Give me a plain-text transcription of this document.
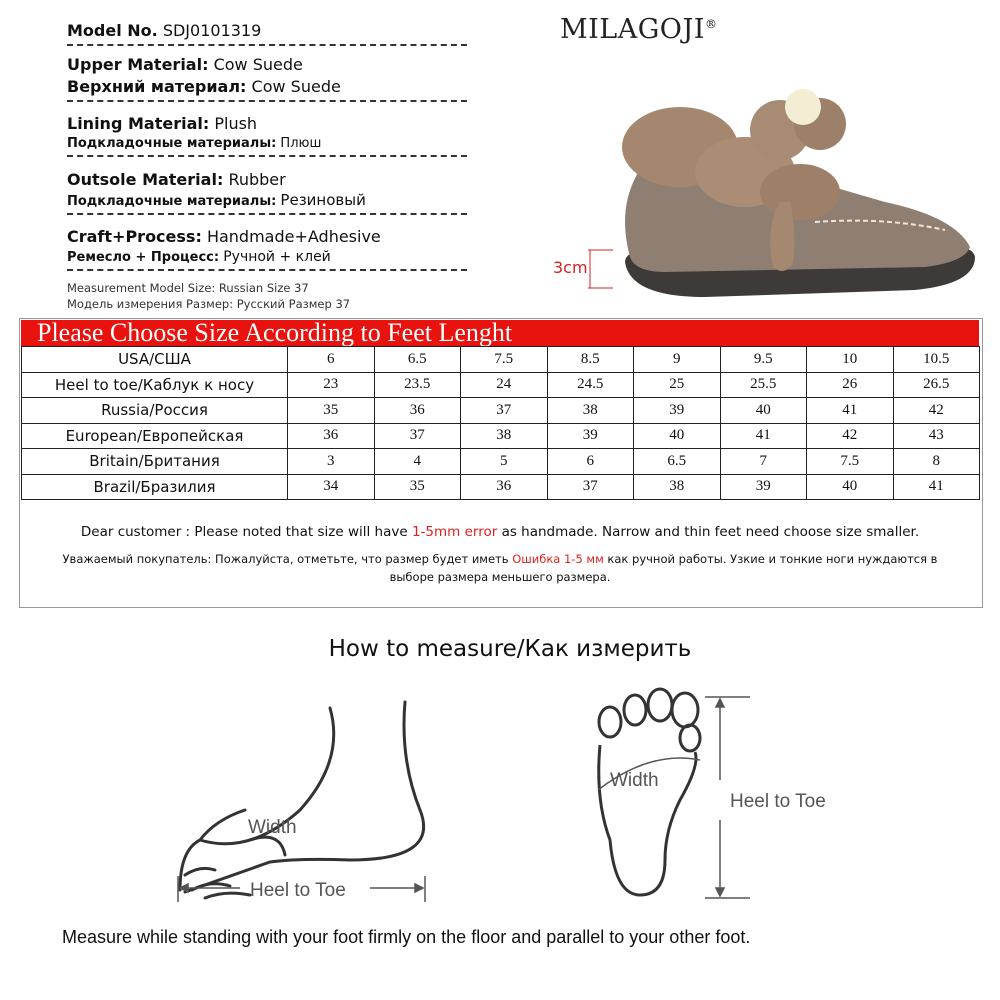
Model No. SDJ0101319
Upper Material: Cow Suede
Верхний материал: Cow Suede
Lining Material: Plush
Подкладочные материалы: Плюш
Outsole Material: Rubber
Подкладочные материалы: Резиновый
Craft+Process: Handmade+Adhesive
Ремесло + Процесс: Ручной + клей
Measurement Model Size: Russian Size 37
Модель измерения Размер: Русский Размер 37
MILAGOJI®
3cm
Please Choose Size According to Feet Lenght
USA/CША	6	6.5	7.5	8.5	9	9.5	10	10.5
Heel to toe/Каблук к носу	23	23.5	24	24.5	25	25.5	26	26.5
Russia/Россия	35	36	37	38	39	40	41	42
European/Европейская	36	37	38	39	40	41	42	43
Britain/Британия	3	4	5	6	6.5	7	7.5	8
Brazil/Бразилия	34	35	36	37	38	39	40	41
Dear customer : Please noted that size will have 1-5mm error as handmade. Narrow and thin feet need choose size smaller.
Уважаемый покупатель: Пожалуйста, отметьте, что размер будет иметь Ошибка 1-5 мм как ручной работы. Узкие и тонкие ноги нуждаются в выборе размера меньшего размера.
How to measure/Как измерить
Width
Heel to Toe
Width
Heel to Toe
Measure while standing with your foot firmly on the floor and parallel to your other foot.
